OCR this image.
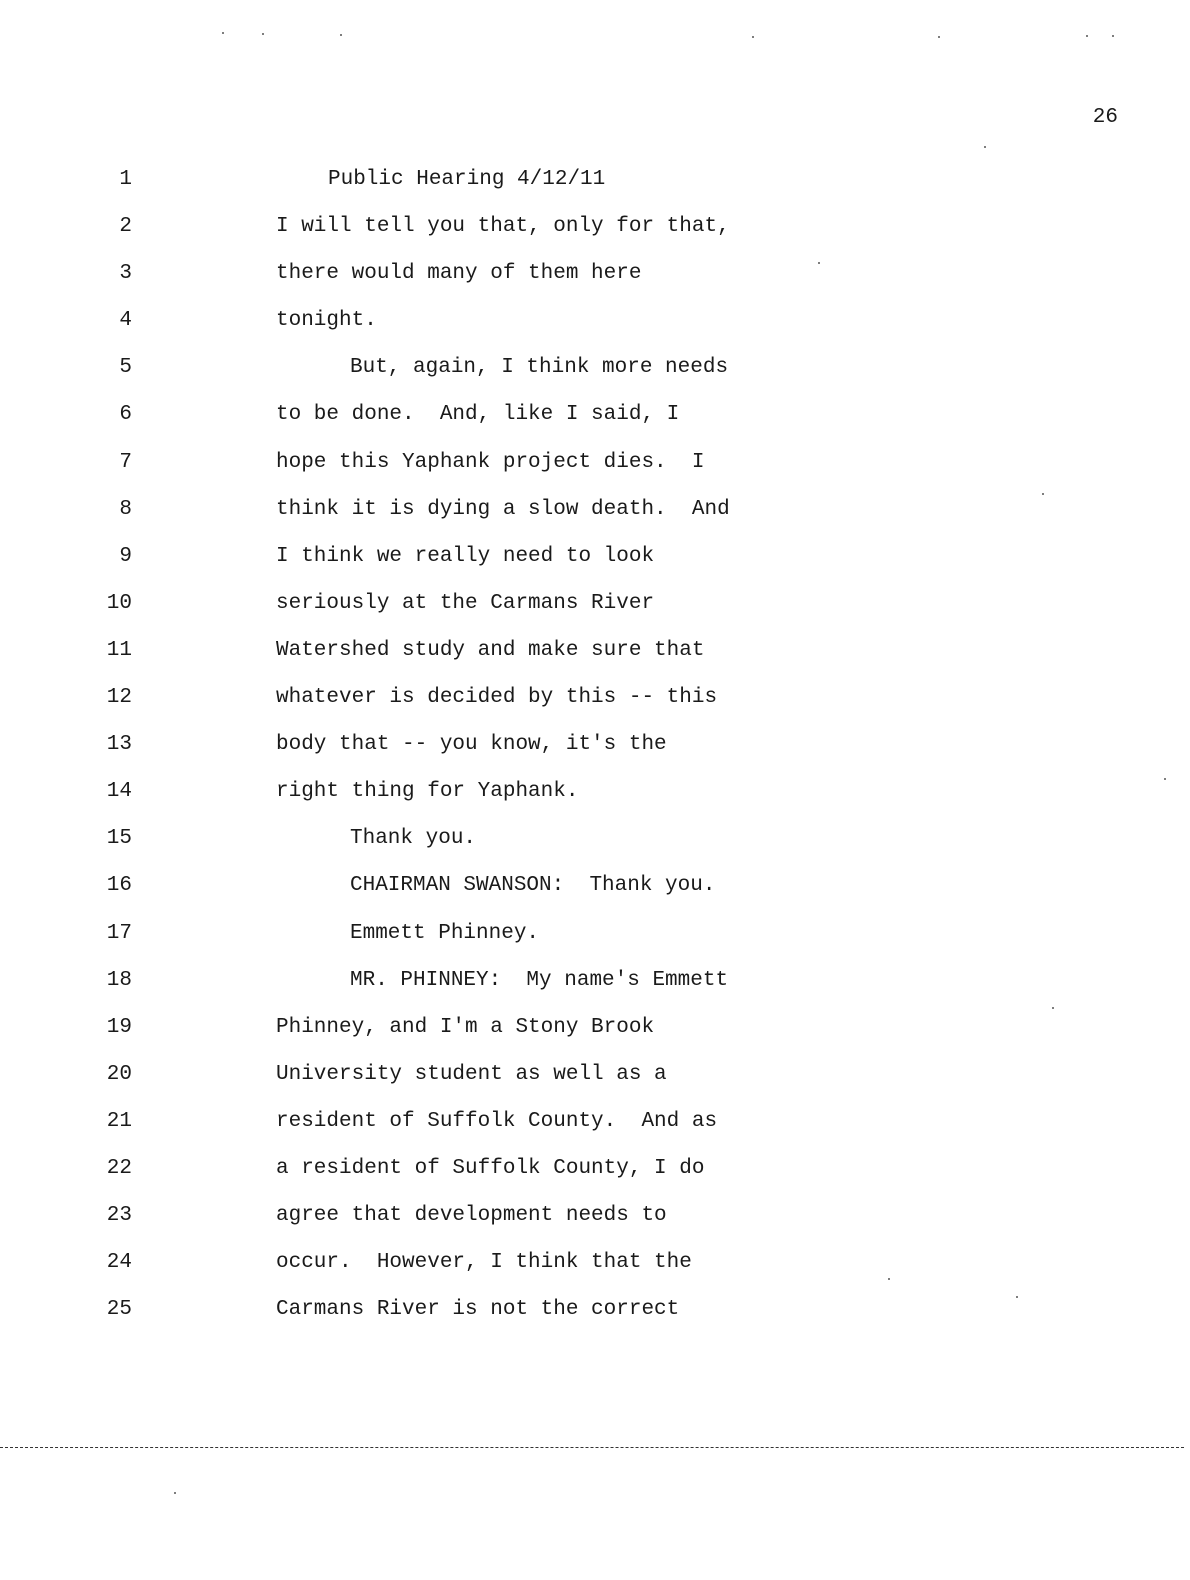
26
1	Public Hearing 4/12/11
2	I will tell you that, only for that,
3	there would many of them here
4	tonight.
5	But, again, I think more needs
6	to be done.  And, like I said, I
7	hope this Yaphank project dies.  I
8	think it is dying a slow death.  And
9	I think we really need to look
10	seriously at the Carmans River
11	Watershed study and make sure that
12	whatever is decided by this -- this
13	body that -- you know, it's the
14	right thing for Yaphank.
15	Thank you.
16	CHAIRMAN SWANSON:  Thank you.
17	Emmett Phinney.
18	MR. PHINNEY:  My name's Emmett
19	Phinney, and I'm a Stony Brook
20	University student as well as a
21	resident of Suffolk County.  And as
22	a resident of Suffolk County, I do
23	agree that development needs to
24	occur.  However, I think that the
25	Carmans River is not the correct
